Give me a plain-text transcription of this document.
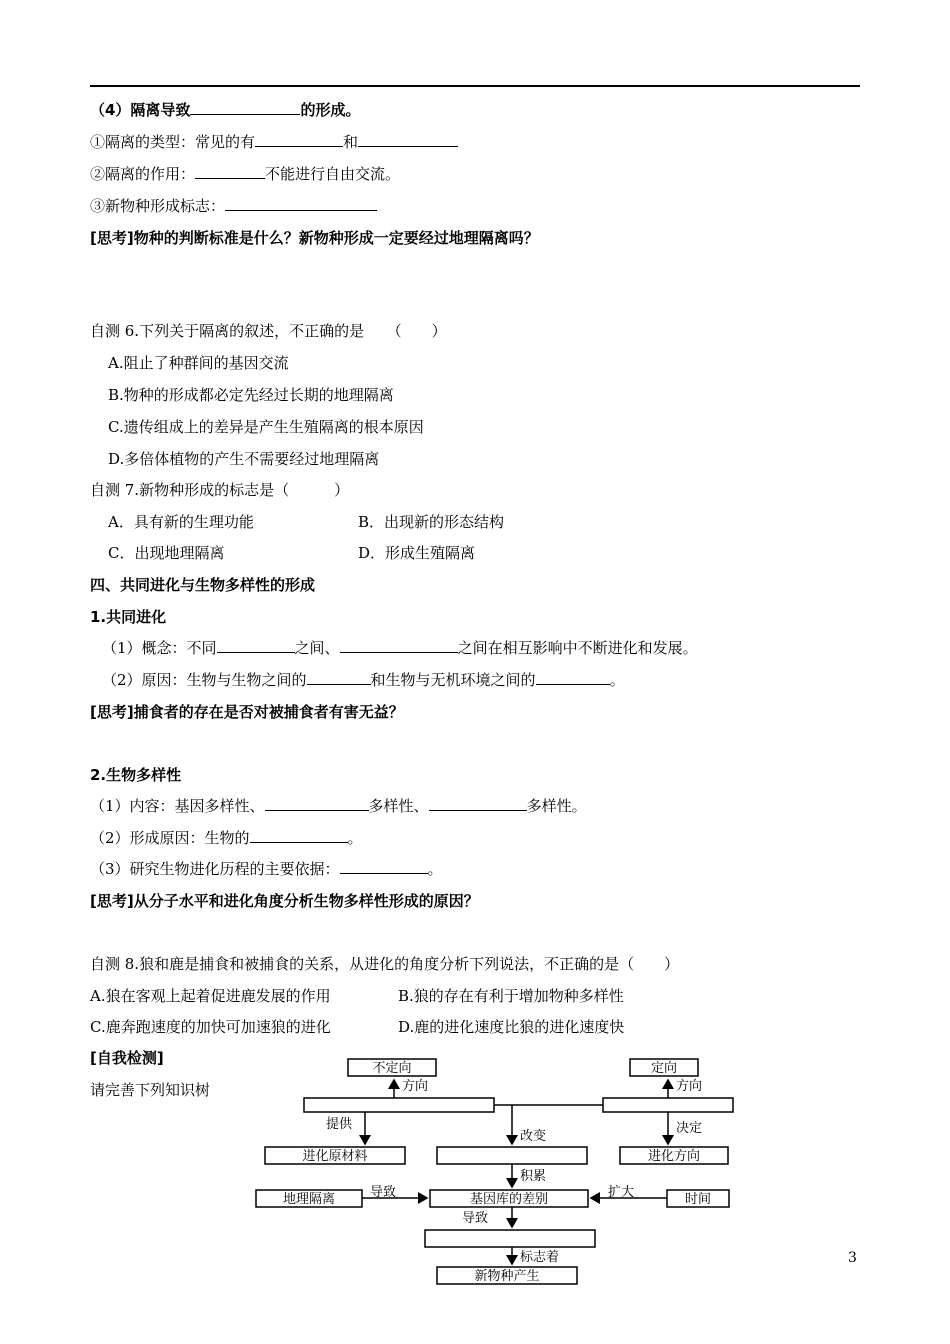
（4）隔离导致	的形成。
①隔离的类型：常见的有	和
②隔离的作用：	不能进行自由交流。
③新物种形成标志：
[思考]物种的判断标准是什么？新物种形成一定要经过地理隔离吗？
自测 6.下列关于隔离的叙述，不正确的是　　（　　）
A.阻止了种群间的基因交流
B.物种的形成都必定先经过长期的地理隔离
C.遗传组成上的差异是产生生殖隔离的根本原因
D.多倍体植物的产生不需要经过地理隔离
自测 7.新物种形成的标志是（　　　）
A．具有新的生理功能	B．出现新的形态结构
C．出现地理隔离	D．形成生殖隔离
四、共同进化与生物多样性的形成
1.共同进化
（1）概念：不同	之间、	之间在相互影响中不断进化和发展。
（2）原因：生物与生物之间的	和生物与无机环境之间的	。
[思考]捕食者的存在是否对被捕食者有害无益？
2.生物多样性
（1）内容：基因多样性、	多样性、	多样性。
（2）形成原因：生物的	。
（3）研究生物进化历程的主要依据：	。
[思考]从分子水平和进化角度分析生物多样性形成的原因？
自测 8.狼和鹿是捕食和被捕食的关系，从进化的角度分析下列说法，不正确的是（　　）
A.狼在客观上起着促进鹿发展的作用	B.狼的存在有利于增加物种多样性
C.鹿奔跑速度的加快可加速狼的进化	D.鹿的进化速度比狼的进化速度快
[自我检测]
请完善下列知识树
不定向	定向
方向	方向
提供	决定
改变
进化原材料	进化方向
积累
地理隔离	导致	基因库的差别	扩大	时间
导致
标志着
新物种产生
3
